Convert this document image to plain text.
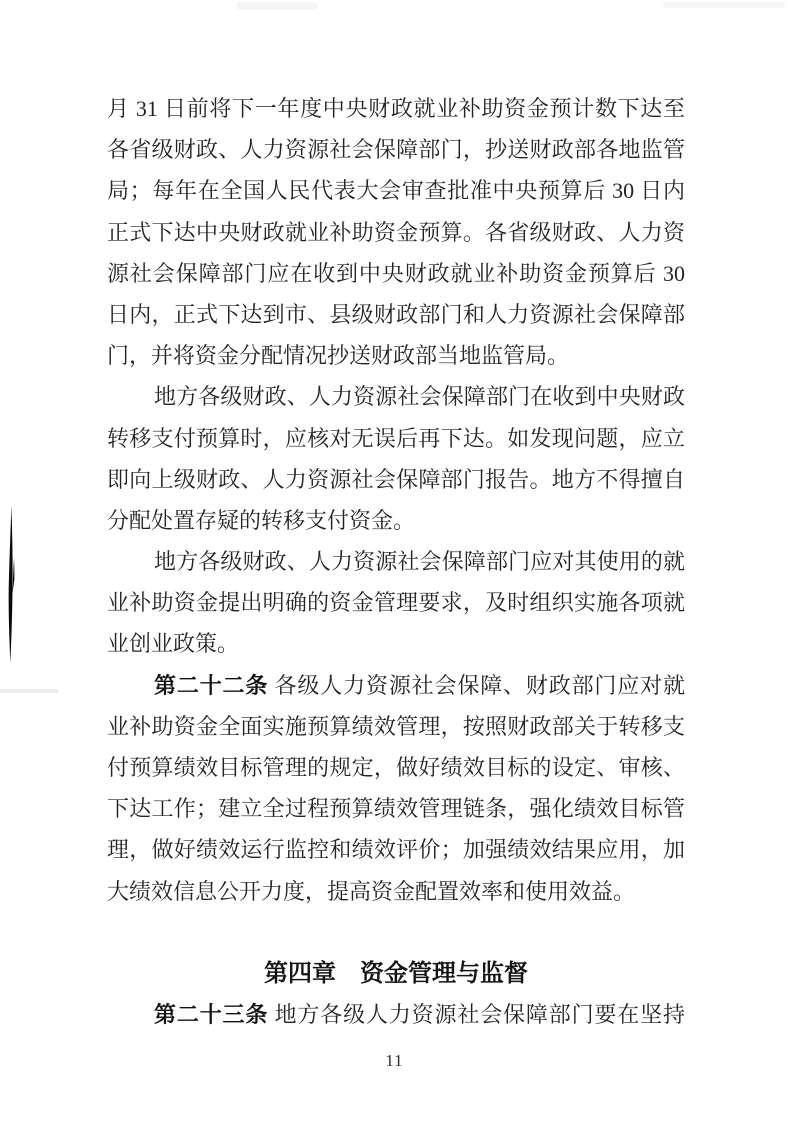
月 31 日前将下一年度中央财政就业补助资金预计数下达至
各省级财政、人力资源社会保障部门，抄送财政部各地监管
局；每年在全国人民代表大会审查批准中央预算后 30 日内
正式下达中央财政就业补助资金预算。各省级财政、人力资
源社会保障部门应在收到中央财政就业补助资金预算后 30
日内，正式下达到市、县级财政部门和人力资源社会保障部
门，并将资金分配情况抄送财政部当地监管局。
地方各级财政、人力资源社会保障部门在收到中央财政
转移支付预算时，应核对无误后再下达。如发现问题，应立
即向上级财政、人力资源社会保障部门报告。地方不得擅自
分配处置存疑的转移支付资金。
地方各级财政、人力资源社会保障部门应对其使用的就
业补助资金提出明确的资金管理要求，及时组织实施各项就
业创业政策。
第二十二条 各级人力资源社会保障、财政部门应对就
业补助资金全面实施预算绩效管理，按照财政部关于转移支
付预算绩效目标管理的规定，做好绩效目标的设定、审核、
下达工作；建立全过程预算绩效管理链条，强化绩效目标管
理，做好绩效运行监控和绩效评价；加强绩效结果应用，加
大绩效信息公开力度，提高资金配置效率和使用效益。
第四章　资金管理与监督
第二十三条 地方各级人力资源社会保障部门要在坚持
11
